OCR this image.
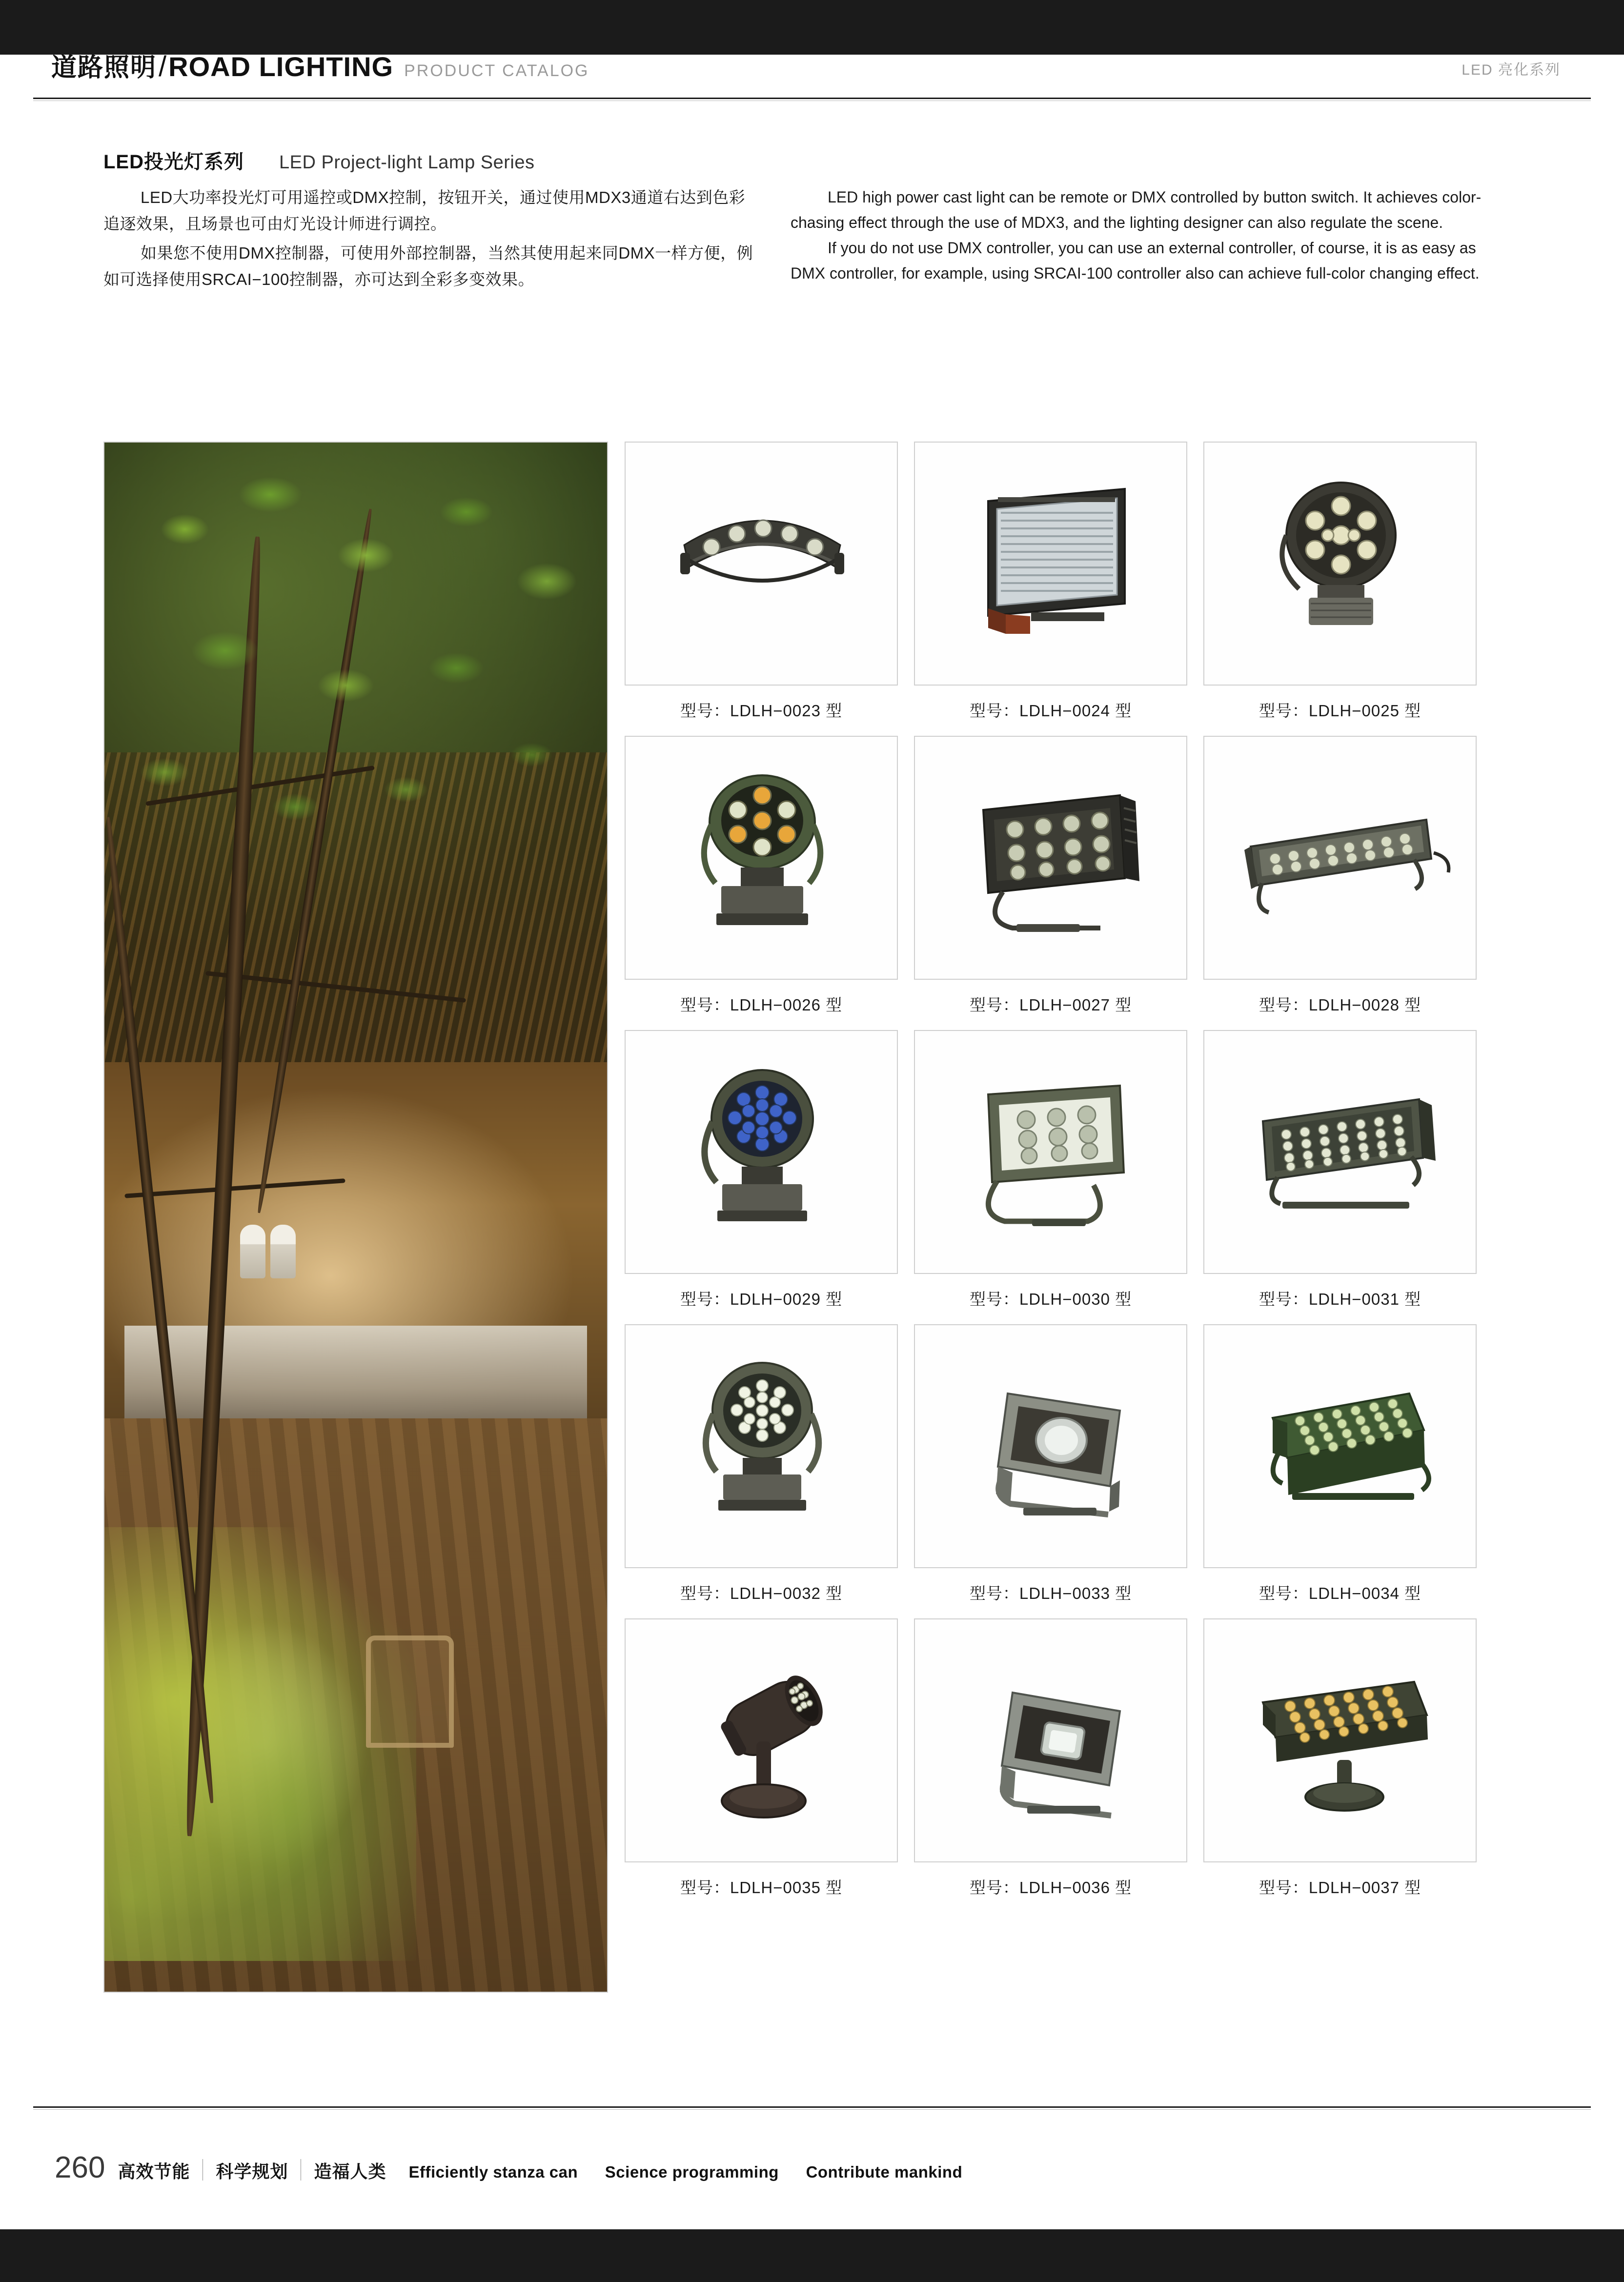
道路照明 / ROAD LIGHTING PRODUCT CATALOG	LED 亮化系列
LED投光灯系列 LED Project-light Lamp Series
LED大功率投光灯可用遥控或DMX控制，按钮开关，通过使用MDX3通道右达到色彩追逐效果，且场景也可由灯光设计师进行调控。
如果您不使用DMX控制器，可使用外部控制器，当然其使用起来同DMX一样方便，例如可选择使用SRCAI−100控制器，亦可达到全彩多变效果。
LED high power cast light can be remote or DMX controlled by button switch. It achieves color-chasing effect through the use of MDX3, and the lighting designer can also regulate the scene.
If you do not use DMX controller, you can use an external controller, of course, it is as easy as DMX controller, for example, using SRCAI-100 controller also can achieve full-color changing effect.
型号：LDLH−0023 型	型号：LDLH−0024 型	型号：LDLH−0025 型
型号：LDLH−0026 型	型号：LDLH−0027 型	型号：LDLH−0028 型
型号：LDLH−0029 型	型号：LDLH−0030 型	型号：LDLH−0031 型
型号：LDLH−0032 型	型号：LDLH−0033 型	型号：LDLH−0034 型
型号：LDLH−0035 型	型号：LDLH−0036 型	型号：LDLH−0037 型
260 高效节能 科学规划 造福人类 Efficiently stanza can Science programming Contribute mankind
